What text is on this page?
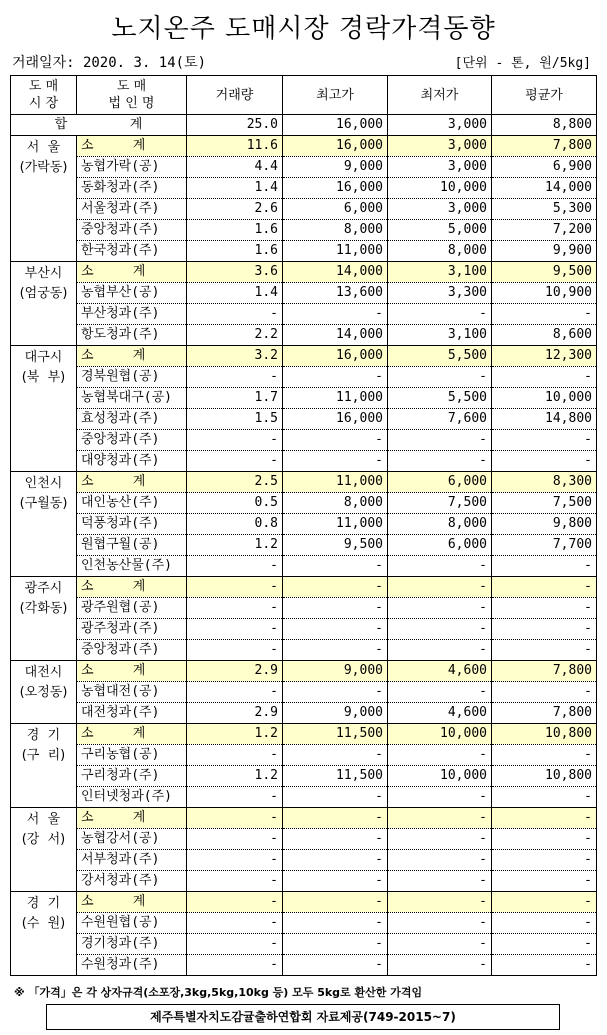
노지온주 도매시장 경락가격동향
거래일자: 2020. 3. 14(토)	[단위 - 톤, 원/5kg]
도 매
시 장	도 매
법 인 명	거래량	최고가	최저가	평균가
합        계		25.0	16,000	3,000	8,800

서  울
(가락동)	소     계	11.6	16,000	3,000	7,800
	농협가락(공)	4.4	9,000	3,000	6,900
	동화청과(주)	1.4	16,000	10,000	14,000
	서울청과(주)	2.6	6,000	3,000	5,300
	중앙청과(주)	1.6	8,000	5,000	7,200
	한국청과(주)	1.6	11,000	8,000	9,900

부산시
(엄궁동)	소     계	3.6	14,000	3,100	9,500
	농협부산(공)	1.4	13,600	3,300	10,900
	부산청과(주)	-	-	-	-
	항도청과(주)	2.2	14,000	3,100	8,600

대구시
(북  부)	소     계	3.2	16,000	5,500	12,300
	경북원협(공)	-	-	-	-
	농협북대구(공)	1.7	11,000	5,500	10,000
	효성청과(주)	1.5	16,000	7,600	14,800
	중앙청과(주)	-	-	-	-
	대양청과(주)	-	-	-	-

인천시
(구월동)	소     계	2.5	11,000	6,000	8,300
	대인농산(주)	0.5	8,000	7,500	7,500
	덕풍청과(주)	0.8	11,000	8,000	9,800
	원협구월(공)	1.2	9,500	6,000	7,700
	인천농산물(주)	-	-	-	-

광주시
(각화동)	소     계	-	-	-	-
	광주원협(공)	-	-	-	-
	광주청과(주)	-	-	-	-
	중앙청과(주)	-	-	-	-

대전시
(오정동)	소     계	2.9	9,000	4,600	7,800
	농협대전(공)	-	-	-	-
	대전청과(주)	2.9	9,000	4,600	7,800

경  기
(구  리)	소     계	1.2	11,500	10,000	10,800
	구리농협(공)	-	-	-	-
	구리청과(주)	1.2	11,500	10,000	10,800
	인터넷청과(주)	-	-	-	-

서  울
(강  서)	소     계	-	-	-	-
	농협강서(공)	-	-	-	-
	서부청과(주)	-	-	-	-
	강서청과(주)	-	-	-	-

경  기
(수  원)	소     계	-	-	-	-
	수원원협(공)	-	-	-	-
	경기청과(주)	-	-	-	-
	수원청과(주)	-	-	-	-
※ 「가격」은 각 상자규격(소포장,3kg,5kg,10kg 등) 모두 5kg로 환산한 가격임
제주특별자치도감귤출하연합회 자료제공(749-2015~7)
